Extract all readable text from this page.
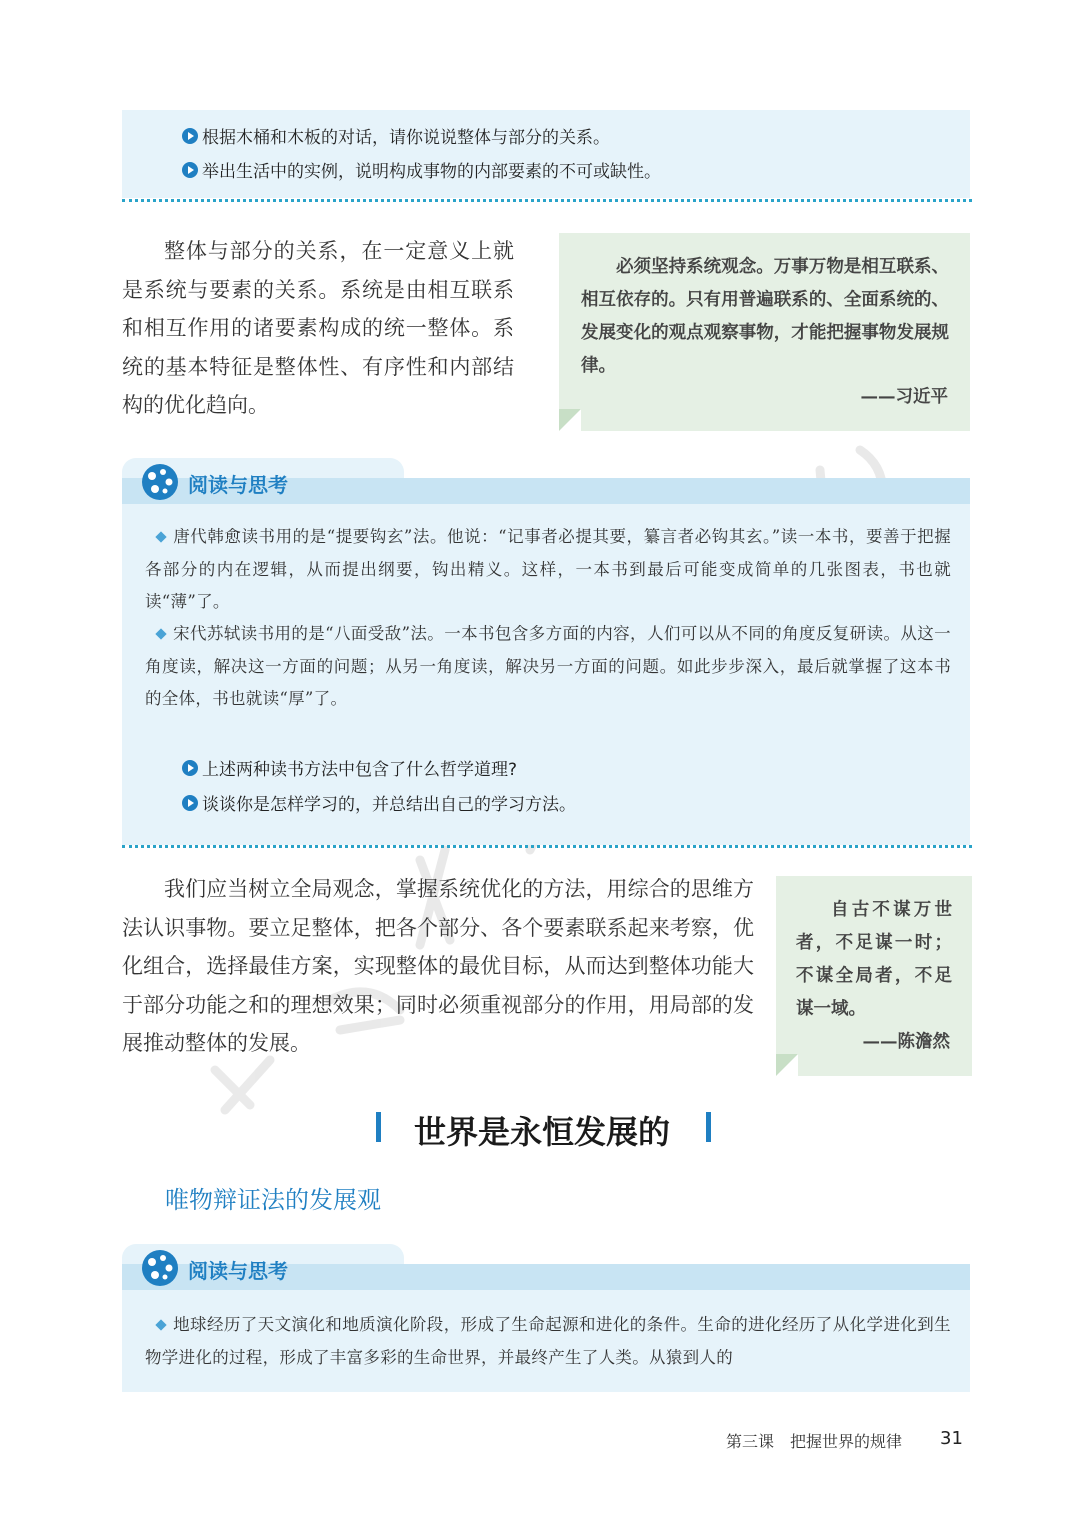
根据木桶和木板的对话，请你说说整体与部分的关系。
举出生活中的实例，说明构成事物的内部要素的不可或缺性。
整体与部分的关系，在一定意义上就是系统与要素的关系。系统是由相互联系和相互作用的诸要素构成的统一整体。系统的基本特征是整体性、有序性和内部结构的优化趋向。
必须坚持系统观念。万事万物是相互联系、相互依存的。只有用普遍联系的、全面系统的、发展变化的观点观察事物，才能把握事物发展规律。
——习近平
阅读与思考
唐代韩愈读书用的是“提要钩玄”法。他说：“记事者必提其要，纂言者必钩其玄。”读一本书，要善于把握各部分的内在逻辑，从而提出纲要，钩出精义。这样，一本书到最后可能变成简单的几张图表，书也就读“薄”了。
宋代苏轼读书用的是“八面受敌”法。一本书包含多方面的内容，人们可以从不同的角度反复研读。从这一角度读，解决这一方面的问题；从另一角度读，解决另一方面的问题。如此步步深入，最后就掌握了这本书的全体，书也就读“厚”了。
上述两种读书方法中包含了什么哲学道理?
谈谈你是怎样学习的，并总结出自己的学习方法。
我们应当树立全局观念，掌握系统优化的方法，用综合的思维方法认识事物。要立足整体，把各个部分、各个要素联系起来考察，优化组合，选择最佳方案，实现整体的最优目标，从而达到整体功能大于部分功能之和的理想效果；同时必须重视部分的作用，用局部的发展推动整体的发展。
自古不谋万世者，不足谋一时；不谋全局者，不足谋一域。
——陈澹然
世界是永恒发展的
唯物辩证法的发展观
阅读与思考
地球经历了天文演化和地质演化阶段，形成了生命起源和进化的条件。生命的进化经历了从化学进化到生物学进化的过程，形成了丰富多彩的生命世界，并最终产生了人类。从猿到人的
第三课　把握世界的规律 31
